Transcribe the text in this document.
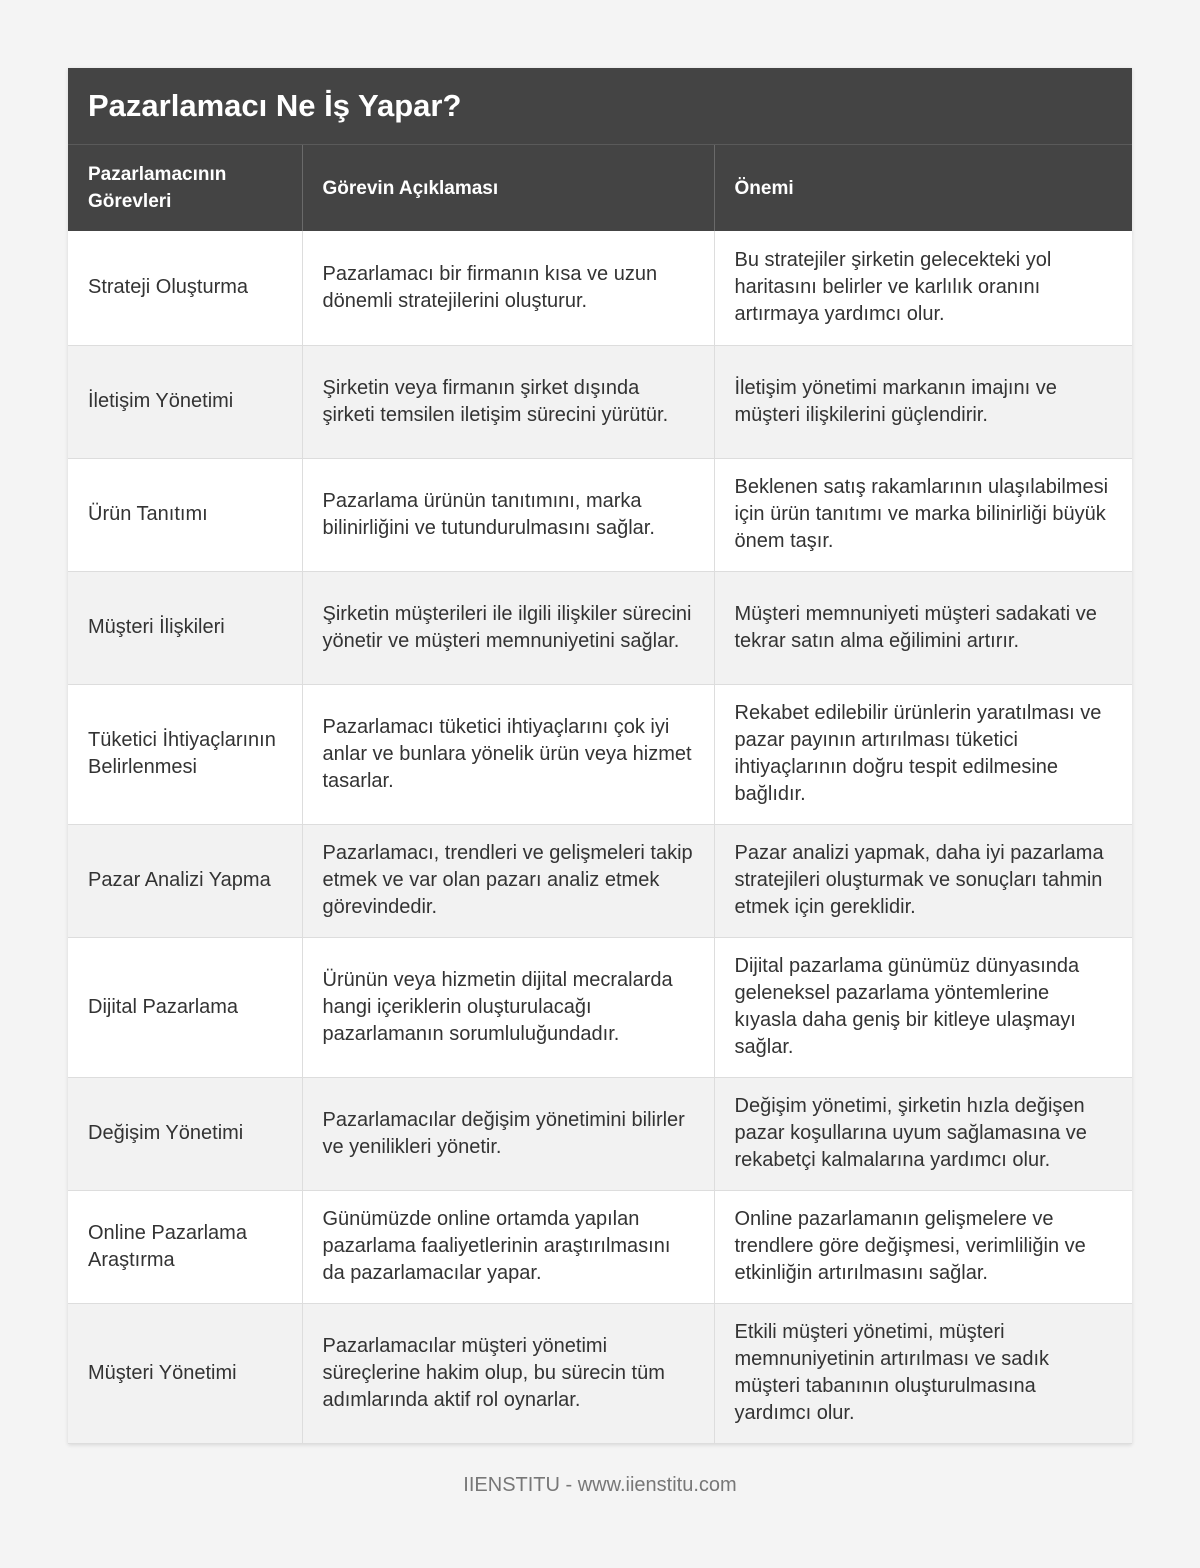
Pazarlamacı Ne İş Yapar?
Pazarlamacının Görevleri	Görevin Açıklaması	Önemi
Strateji Oluşturma	Pazarlamacı bir firmanın kısa ve uzun dönemli stratejilerini oluşturur.	Bu stratejiler şirketin gelecekteki yol haritasını belirler ve karlılık oranını artırmaya yardımcı olur.
İletişim Yönetimi	Şirketin veya firmanın şirket dışında şirketi temsilen iletişim sürecini yürütür.	İletişim yönetimi markanın imajını ve müşteri ilişkilerini güçlendirir.
Ürün Tanıtımı	Pazarlama ürünün tanıtımını, marka bilinirliğini ve tutundurulmasını sağlar.	Beklenen satış rakamlarının ulaşılabilmesi için ürün tanıtımı ve marka bilinirliği büyük önem taşır.
Müşteri İlişkileri	Şirketin müşterileri ile ilgili ilişkiler sürecini yönetir ve müşteri memnuniyetini sağlar.	Müşteri memnuniyeti müşteri sadakati ve tekrar satın alma eğilimini artırır.
Tüketici İhtiyaçlarının Belirlenmesi	Pazarlamacı tüketici ihtiyaçlarını çok iyi anlar ve bunlara yönelik ürün veya hizmet tasarlar.	Rekabet edilebilir ürünlerin yaratılması ve pazar payının artırılması tüketici ihtiyaçlarının doğru tespit edilmesine bağlıdır.
Pazar Analizi Yapma	Pazarlamacı, trendleri ve gelişmeleri takip etmek ve var olan pazarı analiz etmek görevindedir.	Pazar analizi yapmak, daha iyi pazarlama stratejileri oluşturmak ve sonuçları tahmin etmek için gereklidir.
Dijital Pazarlama	Ürünün veya hizmetin dijital mecralarda hangi içeriklerin oluşturulacağı pazarlamanın sorumluluğundadır.	Dijital pazarlama günümüz dünyasında geleneksel pazarlama yöntemlerine kıyasla daha geniş bir kitleye ulaşmayı sağlar.
Değişim Yönetimi	Pazarlamacılar değişim yönetimini bilirler ve yenilikleri yönetir.	Değişim yönetimi, şirketin hızla değişen pazar koşullarına uyum sağlamasına ve rekabetçi kalmalarına yardımcı olur.
Online Pazarlama Araştırma	Günümüzde online ortamda yapılan pazarlama faaliyetlerinin araştırılmasını da pazarlamacılar yapar.	Online pazarlamanın gelişmelere ve trendlere göre değişmesi, verimliliğin ve etkinliğin artırılmasını sağlar.
Müşteri Yönetimi	Pazarlamacılar müşteri yönetimi süreçlerine hakim olup, bu sürecin tüm adımlarında aktif rol oynarlar.	Etkili müşteri yönetimi, müşteri memnuniyetinin artırılması ve sadık müşteri tabanının oluşturulmasına yardımcı olur.
IIENSTITU - www.iienstitu.com
